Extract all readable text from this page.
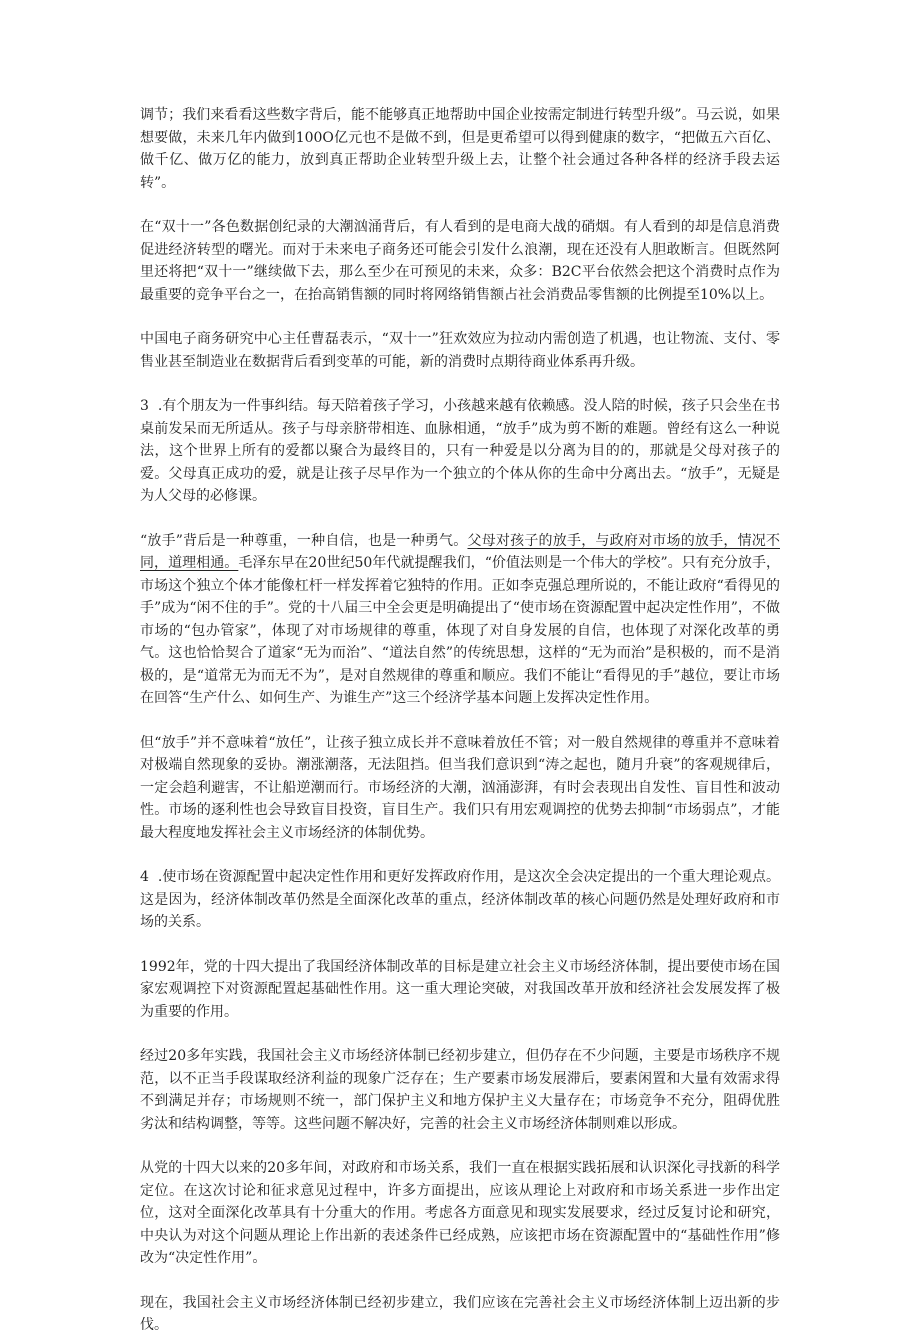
调节；我们来看看这些数字背后，能不能够真正地帮助中国企业按需定制进行转型升级”。马云说，如果想要做，未来几年内做到100O亿元也不是做不到，但是更希望可以得到健康的数字，“把做五六百亿、做千亿、做万亿的能力，放到真正帮助企业转型升级上去，让整个社会通过各种各样的经济手段去运转”。

在“双十一”各色数据创纪录的大潮汹涌背后，有人看到的是电商大战的硝烟。有人看到的却是信息消费促进经济转型的曙光。而对于未来电子商务还可能会引发什么浪潮，现在还没有人胆敢断言。但既然阿里还将把“双十一”继续做下去，那么至少在可预见的未来，众多：B2C平台依然会把这个消费时点作为最重要的竞争平台之一，在抬高销售额的同时将网络销售额占社会消费品零售额的比例提至10%以上。

中国电子商务研究中心主任曹磊表示，“双十一”狂欢效应为拉动内需创造了机遇，也让物流、支付、零售业甚至制造业在数据背后看到变革的可能，新的消费时点期待商业体系再升级。

3  .有个朋友为一件事纠结。每天陪着孩子学习，小孩越来越有依赖感。没人陪的时候，孩子只会坐在书桌前发呆而无所适从。孩子与母亲脐带相连、血脉相通，“放手”成为剪不断的难题。曾经有这么一种说法，这个世界上所有的爱都以聚合为最终目的，只有一种爱是以分离为目的的，那就是父母对孩子的爱。父母真正成功的爱，就是让孩子尽早作为一个独立的个体从你的生命中分离出去。“放手”，无疑是为人父母的必修课。

“放手”背后是一种尊重，一种自信，也是一种勇气。父母对孩子的放手，与政府对市场的放手，情况不同，道理相通。毛泽东早在20世纪50年代就提醒我们，“价值法则是一个伟大的学校”。只有充分放手，市场这个独立个体才能像杠杆一样发挥着它独特的作用。正如李克强总理所说的，不能让政府“看得见的手”成为“闲不住的手”。党的十八届三中全会更是明确提出了“使市场在资源配置中起决定性作用”，不做市场的“包办管家”，体现了对市场规律的尊重，体现了对自身发展的自信，也体现了对深化改革的勇气。这也恰恰契合了道家“无为而治”、“道法自然”的传统思想，这样的“无为而治”是积极的，而不是消极的，是“道常无为而无不为”，是对自然规律的尊重和顺应。我们不能让“看得见的手”越位，要让市场在回答“生产什么、如何生产、为谁生产”这三个经济学基本问题上发挥决定性作用。

但“放手”并不意味着“放任”，让孩子独立成长并不意味着放任不管；对一般自然规律的尊重并不意味着对极端自然现象的妥协。潮涨潮落，无法阻挡。但当我们意识到“涛之起也，随月升衰”的客观规律后，一定会趋利避害，不让船逆潮而行。市场经济的大潮，汹涌澎湃，有时会表现出自发性、盲目性和波动性。市场的逐利性也会导致盲目投资，盲目生产。我们只有用宏观调控的优势去抑制“市场弱点”，才能最大程度地发挥社会主义市场经济的体制优势。

4  .使市场在资源配置中起决定性作用和更好发挥政府作用，是这次全会决定提出的一个重大理论观点。这是因为，经济体制改革仍然是全面深化改革的重点，经济体制改革的核心问题仍然是处理好政府和市场的关系。

1992年，党的十四大提出了我国经济体制改革的目标是建立社会主义市场经济体制，提出要使市场在国家宏观调控下对资源配置起基础性作用。这一重大理论突破，对我国改革开放和经济社会发展发挥了极为重要的作用。

经过20多年实践，我国社会主义市场经济体制已经初步建立，但仍存在不少问题，主要是市场秩序不规范，以不正当手段谋取经济利益的现象广泛存在；生产要素市场发展滞后，要素闲置和大量有效需求得不到满足并存；市场规则不统一，部门保护主义和地方保护主义大量存在；市场竞争不充分，阻碍优胜劣汰和结构调整，等等。这些问题不解决好，完善的社会主义市场经济体制则难以形成。

从党的十四大以来的20多年间，对政府和市场关系，我们一直在根据实践拓展和认识深化寻找新的科学定位。在这次讨论和征求意见过程中，许多方面提出，应该从理论上对政府和市场关系进一步作出定位，这对全面深化改革具有十分重大的作用。考虑各方面意见和现实发展要求，经过反复讨论和研究，中央认为对这个问题从理论上作出新的表述条件已经成熟，应该把市场在资源配置中的“基础性作用”修改为“决定性作用”。

现在，我国社会主义市场经济体制已经初步建立，我们应该在完善社会主义市场经济体制上迈出新的步伐。
